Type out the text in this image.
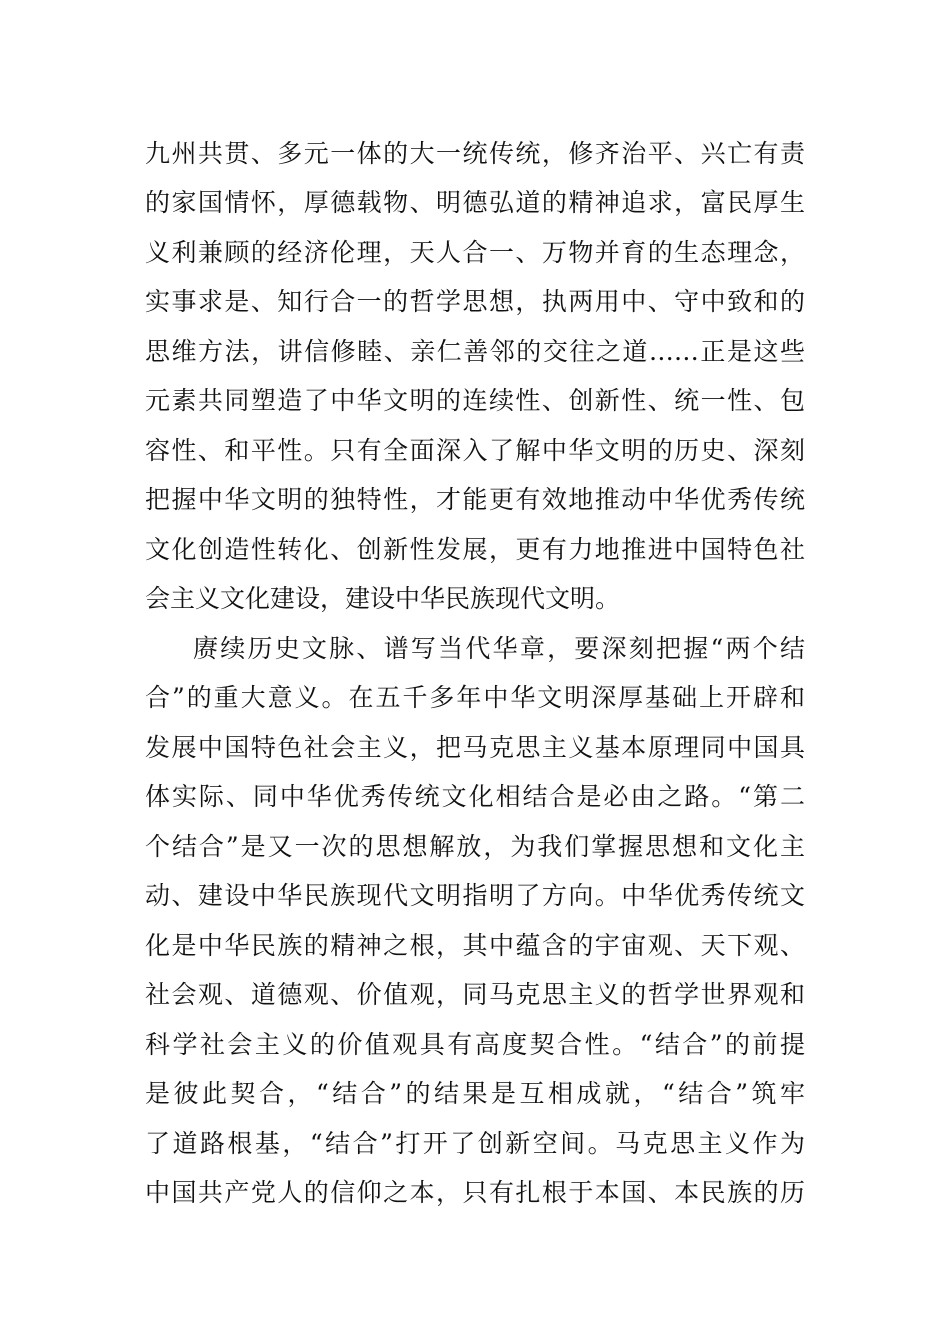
九州共贯、多元一体的大一统传统，修齐治平、兴亡有责
的家国情怀，厚德载物、明德弘道的精神追求，富民厚生
义利兼顾的经济伦理，天人合一、万物并育的生态理念，
实事求是、知行合一的哲学思想，执两用中、守中致和的
思维方法，讲信修睦、亲仁善邻的交往之道……正是这些
元素共同塑造了中华文明的连续性、创新性、统一性、包
容性、和平性。只有全面深入了解中华文明的历史、深刻
把握中华文明的独特性，才能更有效地推动中华优秀传统
文化创造性转化、创新性发展，更有力地推进中国特色社
会主义文化建设，建设中华民族现代文明。
赓续历史文脉、谱写当代华章，要深刻把握“两个结
合”的重大意义。在五千多年中华文明深厚基础上开辟和
发展中国特色社会主义，把马克思主义基本原理同中国具
体实际、同中华优秀传统文化相结合是必由之路。“第二
个结合”是又一次的思想解放，为我们掌握思想和文化主
动、建设中华民族现代文明指明了方向。中华优秀传统文
化是中华民族的精神之根，其中蕴含的宇宙观、天下观、
社会观、道德观、价值观，同马克思主义的哲学世界观和
科学社会主义的价值观具有高度契合性。“结合”的前提
是彼此契合，“结合”的结果是互相成就，“结合”筑牢
了道路根基，“结合”打开了创新空间。马克思主义作为
中国共产党人的信仰之本，只有扎根于本国、本民族的历
